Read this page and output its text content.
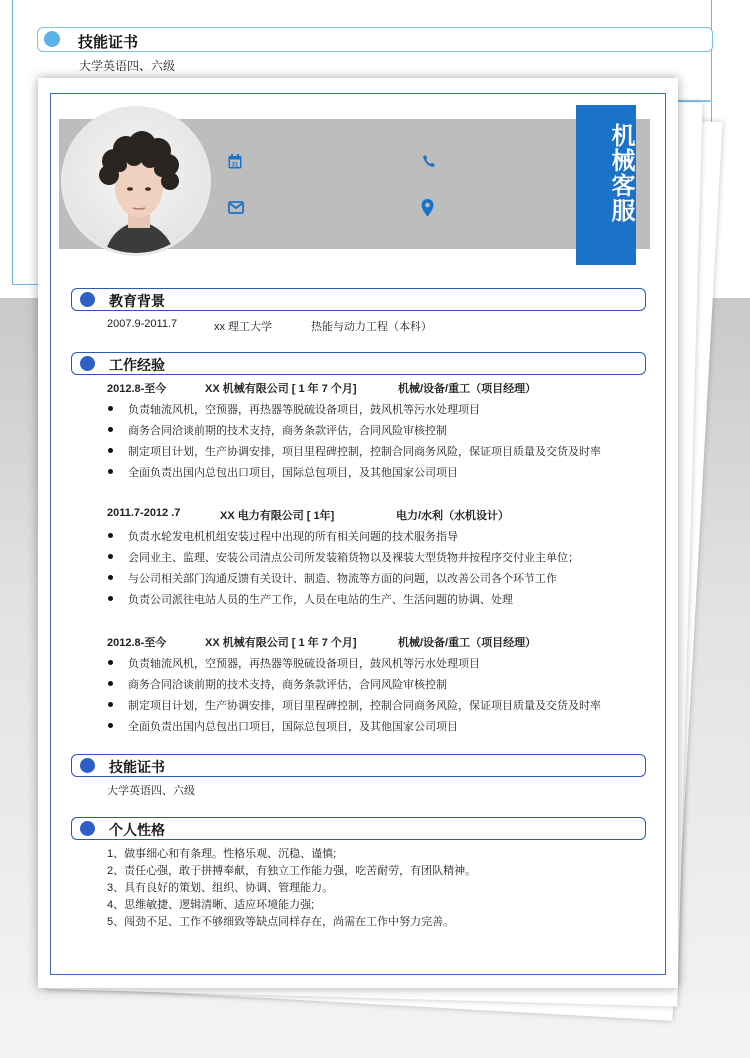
技能证书
大学英语四、六级
31	机械客服
教育背景
2007.9-2011.7	xx 理工大学	热能与动力工程（本科）
工作经验
2012.8-至今	XX 机械有限公司 [ 1 年 7 个月]	机械/设备/重工（项目经理）
负责轴流风机，空预器，再热器等脱硫设备项目，鼓风机等污水处理项目
商务合同洽谈前期的技术支持，商务条款评估，合同风险审核控制
制定项目计划，生产协调安排，项目里程碑控制，控制合同商务风险，保证项目质量及交货及时率
全面负责出国内总包出口项目，国际总包项目，及其他国家公司项目
2011.7-2012 .7	XX 电力有限公司 [ 1年]	电力/水利（水机设计）
负责水轮发电机机组安装过程中出现的所有相关问题的技术服务指导
会同业主、监理、安装公司清点公司所发装箱货物以及裸装大型货物并按程序交付业主单位；
与公司相关部门沟通反馈有关设计、制造、物流等方面的问题，以改善公司各个环节工作
负责公司派往电站人员的生产工作，人员在电站的生产、生活问题的协调、处理
2012.8-至今	XX 机械有限公司 [ 1 年 7 个月]	机械/设备/重工（项目经理）
负责轴流风机，空预器，再热器等脱硫设备项目，鼓风机等污水处理项目
商务合同洽谈前期的技术支持，商务条款评估，合同风险审核控制
制定项目计划，生产协调安排，项目里程碑控制，控制合同商务风险，保证项目质量及交货及时率
全面负责出国内总包出口项目，国际总包项目，及其他国家公司项目
技能证书
大学英语四、六级
个人性格
1、做事细心和有条理。性格乐观、沉稳、谨慎;
2、责任心强，敢于拼搏奉献，有独立工作能力强，吃苦耐劳，有团队精神。
3、具有良好的策划、组织、协调、管理能力。
4、思维敏捷、逻辑清晰、适应环境能力强;
5、闯劲不足、工作不够细致等缺点同样存在，尚需在工作中努力完善。
